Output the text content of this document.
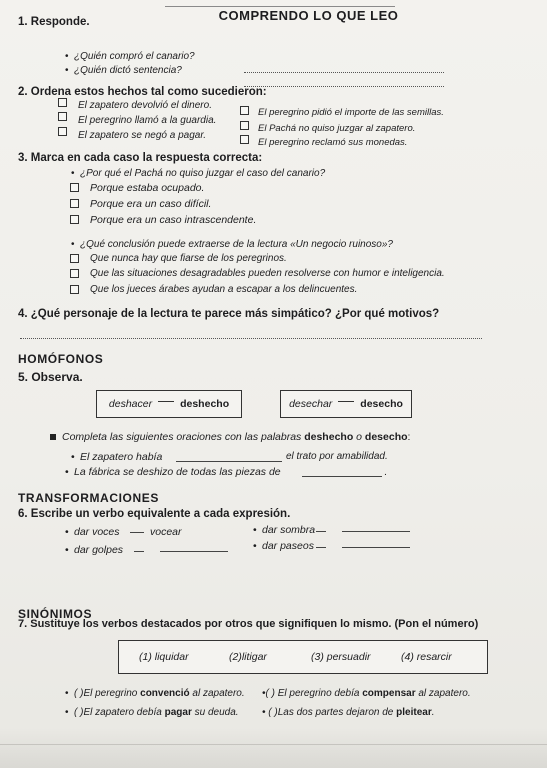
COMPRENDO LO QUE LEO
1. Responde.
• ¿Quién compró el canario?
• ¿Quién dictó sentencia?
2. Ordena estos hechos tal como sucedieron:
El zapatero devolvió el dinero.
El peregrino llamó a la guardia.
El zapatero se negó a pagar.
El peregrino pidió el importe de las semillas.
El Pachá no quiso juzgar al zapatero.
El peregrino reclamó sus monedas.
3. Marca en cada caso la respuesta correcta:
• ¿Por qué el Pachá no quiso juzgar el caso del canario?
Porque estaba ocupado.
Porque era un caso difícil.
Porque era un caso intrascendente.
• ¿Qué conclusión puede extraerse de la lectura «Un negocio ruinoso»?
Que nunca hay que fiarse de los peregrinos.
Que las situaciones desagradables pueden resolverse con humor e inteligencia.
Que los jueces árabes ayudan a escapar a los delincuentes.
4. ¿Qué personaje de la lectura te parece más simpático? ¿Por qué motivos?
HOMÓFONOS
5. Observa.
deshacer	deshecho	desechar	desecho
Completa las siguientes oraciones con las palabras deshecho o desecho:
• El zapatero había	el trato por amabilidad.
• La fábrica se deshizo de todas las piezas de	.
TRANSFORMACIONES
6. Escribe un verbo equivalente a cada expresión.
• dar voces	vocear
• dar golpes
• dar sombra
• dar paseos
SINÓNIMOS
7. Sustituye los verbos destacados por otros que signifiquen lo mismo. (Pon el número)
(1) liquidar	(2)litigar	(3) persuadir	(4) resarcir
• ( )El peregrino convenció al zapatero. •( ) El peregrino debía compensar al zapatero.
• ( )El zapatero debía pagar su deuda. • ( )Las dos partes dejaron de pleitear.
